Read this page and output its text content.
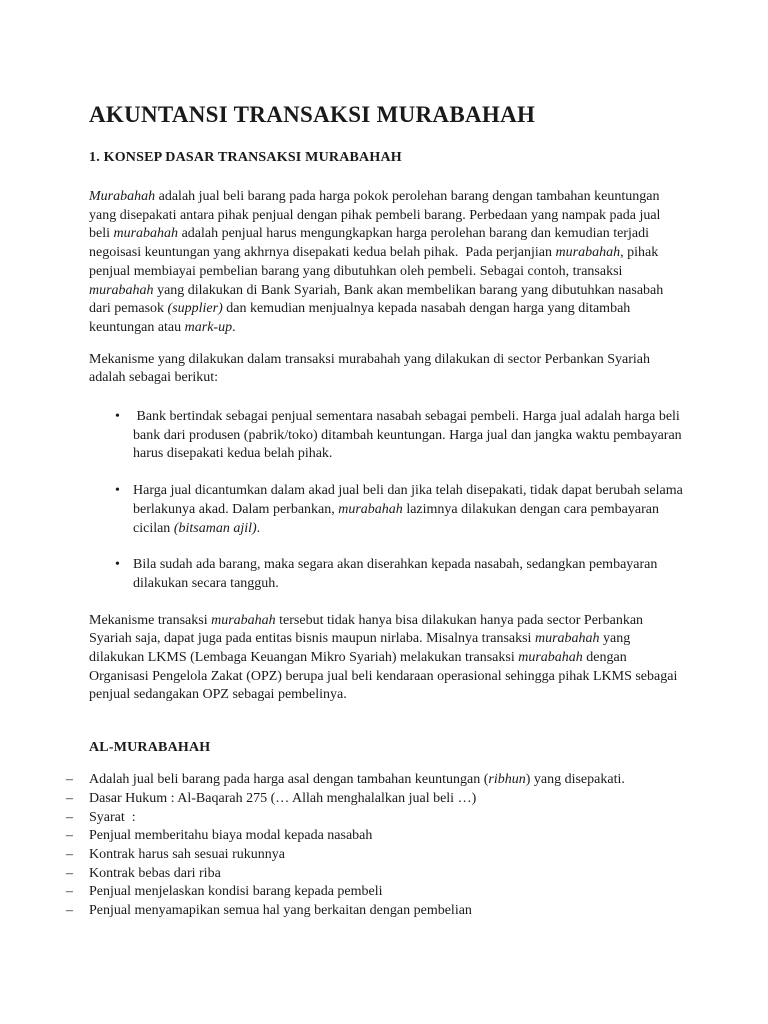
AKUNTANSI TRANSAKSI MURABAHAH
1. KONSEP DASAR TRANSAKSI MURABAHAH

Murabahah adalah jual beli barang pada harga pokok perolehan barang dengan tambahan keuntungan yang disepakati antara pihak penjual dengan pihak pembeli barang. Perbedaan yang nampak pada jual beli murabahah adalah penjual harus mengungkapkan harga perolehan barang dan kemudian terjadi negoisasi keuntungan yang akhrnya disepakati kedua belah pihak.  Pada perjanjian murabahah, pihak penjual membiayai pembelian barang yang dibutuhkan oleh pembeli. Sebagai contoh, transaksi murabahah yang dilakukan di Bank Syariah, Bank akan membelikan barang yang dibutuhkan nasabah dari pemasok (supplier) dan kemudian menjualnya kepada nasabah dengan harga yang ditambah keuntungan atau mark-up.

Mekanisme yang dilakukan dalam transaksi murabahah yang dilakukan di sector Perbankan Syariah adalah sebagai berikut:

• Bank bertindak sebagai penjual sementara nasabah sebagai pembeli. Harga jual adalah harga beli bank dari produsen (pabrik/toko) ditambah keuntungan. Harga jual dan jangka waktu pembayaran harus disepakati kedua belah pihak.
• Harga jual dicantumkan dalam akad jual beli dan jika telah disepakati, tidak dapat berubah selama berlakunya akad. Dalam perbankan, murabahah lazimnya dilakukan dengan cara pembayaran cicilan (bitsaman ajil).
• Bila sudah ada barang, maka segara akan diserahkan kepada nasabah, sedangkan pembayaran dilakukan secara tangguh.

Mekanisme transaksi murabahah tersebut tidak hanya bisa dilakukan hanya pada sector Perbankan Syariah saja, dapat juga pada entitas bisnis maupun nirlaba. Misalnya transaksi murabahah yang dilakukan LKMS (Lembaga Keuangan Mikro Syariah) melakukan transaksi murabahah dengan Organisasi Pengelola Zakat (OPZ) berupa jual beli kendaraan operasional sehingga pihak LKMS sebagai penjual sedangakan OPZ sebagai pembelinya.

AL-MURABAHAH
– Adalah jual beli barang pada harga asal dengan tambahan keuntungan (ribhun) yang disepakati.
– Dasar Hukum : Al-Baqarah 275 (… Allah menghalalkan jual beli …)
– Syarat  :
– Penjual memberitahu biaya modal kepada nasabah
– Kontrak harus sah sesuai rukunnya
– Kontrak bebas dari riba
– Penjual menjelaskan kondisi barang kepada pembeli
– Penjual menyamapikan semua hal yang berkaitan dengan pembelian
